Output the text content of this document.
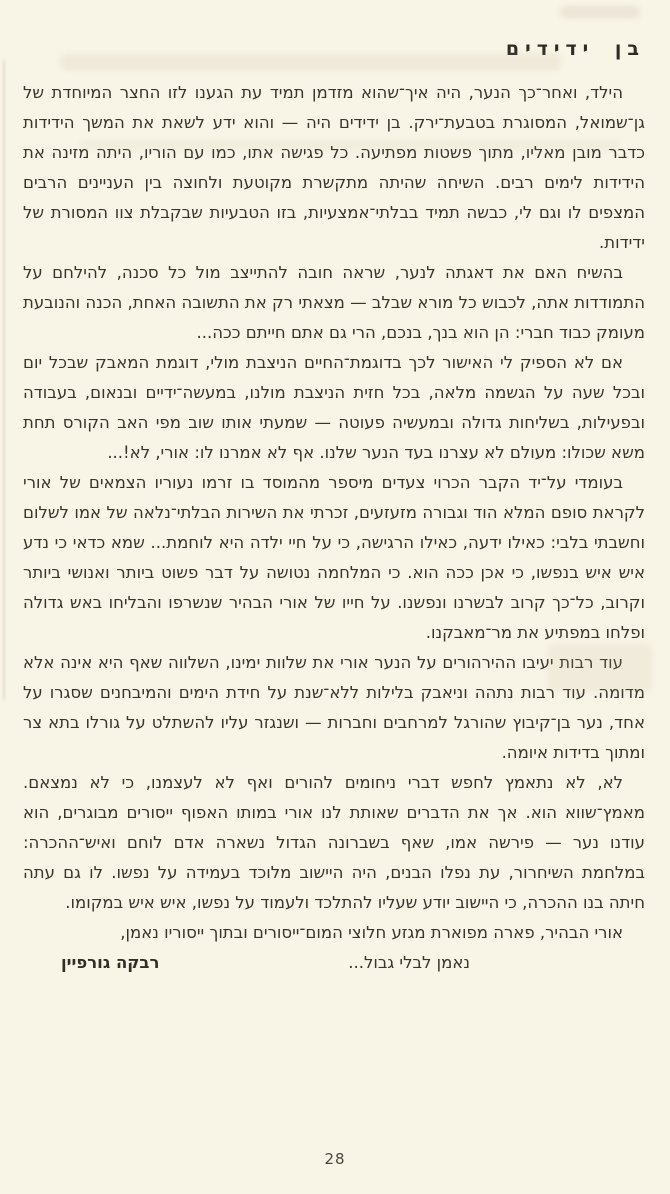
בן ידידים

הילד, ואחר־כך הנער, היה איך־שהוא מזדמן תמיד עת הגענו לזו החצר המיוחדת של גן־שמואל, המסוגרת בטבעת־ירק. בן ידידים היה — והוא ידע לשאת את המשך הידידות כדבר מובן מאליו, מתוך פשטות מפתיעה. כל פגישה אתו, כמו עם הוריו, היתה מזינה את הידידות לימים רבים. השיחה שהיתה מתקשרת מקוטעת ולחוצה בין העניינים הרבים המצפים לו וגם לי, כבשה תמיד בבלתי־אמצעיות, בזו הטבעיות שבקבלת צוו המסורת של ידידות.

בהשיח האם את דאגתה לנער, שראה חובה להתייצב מול כל סכנה, להילחם על התמודדות אתה, לכבוש כל מורא שבלב — מצאתי רק את התשובה האחת, הכנה והנובעת מעומק כבוד חברי: הן הוא בנך, בנכם, הרי גם אתם חייתם ככה...

אם לא הספיק לי האישור לכך בדוגמת־החיים הניצבת מולי, דוגמת המאבק שבכל יום ובכל שעה על הגשמה מלאה, בכל חזית הניצבת מולנו, במעשה־ידיים ובנאום, בעבודה ובפעילות, בשליחות גדולה ובמעשיה פעוטה — שמעתי אותו שוב מפי האב הקורס תחת משא שכולו: מעולם לא עצרנו בעד הנער שלנו. אף לא אמרנו לו: אורי, לא!...

בעומדי על־יד הקבר הכרוי צעדים מיספר מהמוסד בו זרמו נעוריו הצמאים של אורי לקראת סופם המלא הוד וגבורה מזעזעים, זכרתי את השירות הבלתי־נלאה של אמו לשלום וחשבתי בלבי: כאילו ידעה, כאילו הרגישה, כי על חיי ילדה היא לוחמת... שמא כדאי כי נדע איש איש בנפשו, כי אכן ככה הוא. כי המלחמה נטושה על דבר פשוט ביותר ואנושי ביותר וקרוב, כל־כך קרוב לבשרנו ונפשנו. על חייו של אורי הבהיר שנשרפו והבליחו באש גדולה ופלחו במפתיע את מר־מאבקנו.

עוד רבות יעיבו ההירהורים על הנער אורי את שלוות ימינו, השלווה שאף היא אינה אלא מדומה. עוד רבות נתהה וניאבק בלילות ללא־שנת על חידת הימים והמיבחנים שסגרו על אחד, נער בן־קיבוץ שהורגל למרחבים וחברות — ושנגזר עליו להשתלט על גורלו בתא צר ומתוך בדידות איומה.

לא, לא נתאמץ לחפש דברי ניחומים להורים ואף לא לעצמנו, כי לא נמצאם. מאמץ־שווא הוא. אך את הדברים שאותת לנו אורי במותו האפוף ייסורים מבוגרים, הוא עודנו נער — פירשה אמו, שאף בשברונה הגדול נשארה אדם לוחם ואיש־ההכרה: במלחמת השיחרור, עת נפלו הבנים, היה היישוב מלוכד בעמידה על נפשו. לו גם עתה חיתה בנו ההכרה, כי היישוב יודע שעליו להתלכד ולעמוד על נפשו, איש איש במקומו.

אורי הבהיר, פארה מפוארת מגזע חלוצי המום־ייסורים ובתוך ייסוריו נאמן,

נאמן לבלי גבול...
רבקה גורפיין
28
